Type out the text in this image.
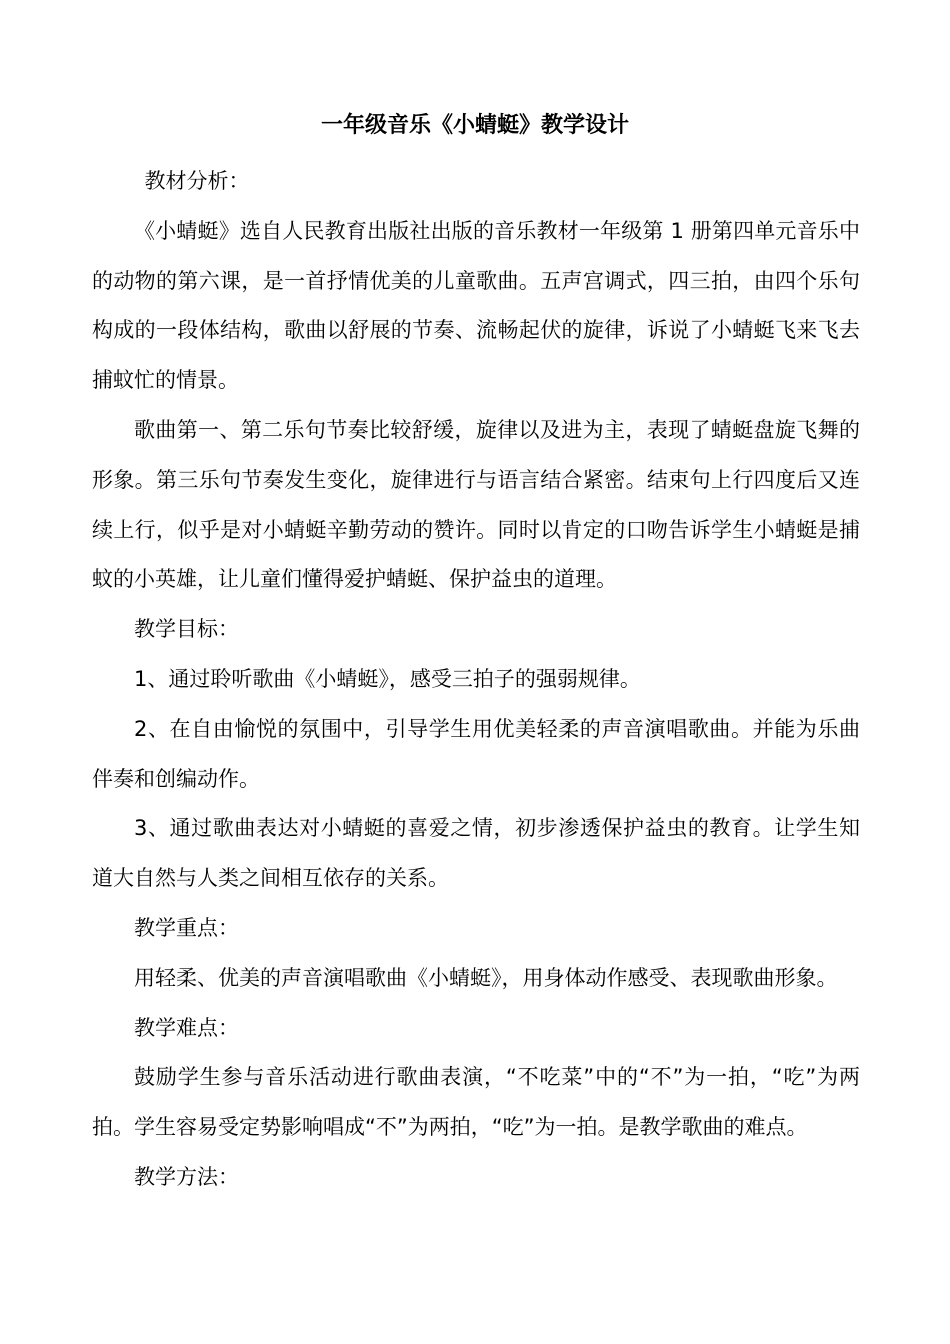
一年级音乐《小蜻蜓》教学设计

教材分析：

《小蜻蜓》选自人民教育出版社出版的音乐教材一年级第 1 册第四单元音乐中的动物的第六课，是一首抒情优美的儿童歌曲。五声宫调式，四三拍，由四个乐句构成的一段体结构，歌曲以舒展的节奏、流畅起伏的旋律，诉说了小蜻蜓飞来飞去捕蚊忙的情景。

歌曲第一、第二乐句节奏比较舒缓，旋律以及进为主，表现了蜻蜓盘旋飞舞的形象。第三乐句节奏发生变化，旋律进行与语言结合紧密。结束句上行四度后又连续上行，似乎是对小蜻蜓辛勤劳动的赞许。同时以肯定的口吻告诉学生小蜻蜓是捕蚊的小英雄，让儿童们懂得爱护蜻蜓、保护益虫的道理。

教学目标：

1、通过聆听歌曲《小蜻蜓》，感受三拍子的强弱规律。

2、在自由愉悦的氛围中，引导学生用优美轻柔的声音演唱歌曲。并能为乐曲伴奏和创编动作。

3、通过歌曲表达对小蜻蜓的喜爱之情，初步渗透保护益虫的教育。让学生知道大自然与人类之间相互依存的关系。

教学重点：

用轻柔、优美的声音演唱歌曲《小蜻蜓》，用身体动作感受、表现歌曲形象。

教学难点：

鼓励学生参与音乐活动进行歌曲表演，“不吃菜”中的“不”为一拍，“吃”为两拍。学生容易受定势影响唱成“不”为两拍，“吃”为一拍。是教学歌曲的难点。

教学方法：
